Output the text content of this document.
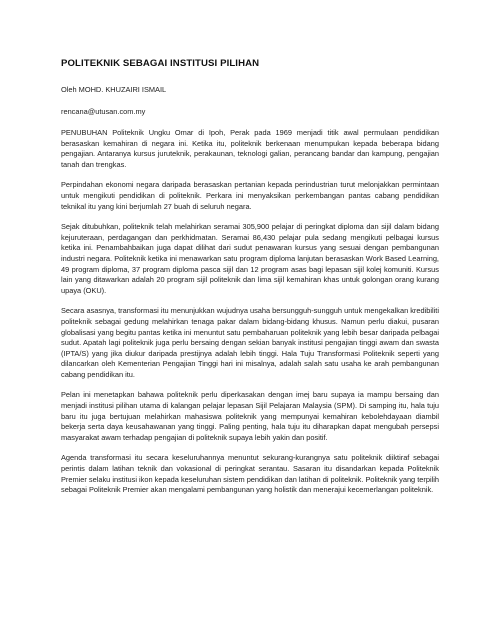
POLITEKNIK SEBAGAI INSTITUSI PILIHAN

Oleh MOHD. KHUZAIRI ISMAIL

rencana@utusan.com.my

PENUBUHAN Politeknik Ungku Omar di Ipoh, Perak pada 1969 menjadi titik awal permulaan pendidikan berasaskan kemahiran di negara ini. Ketika itu, politeknik berkenaan menumpukan kepada beberapa bidang pengajian. Antaranya kursus juruteknik, perakaunan, teknologi galian, perancang bandar dan kampung, pengajian tanah dan trengkas.

Perpindahan ekonomi negara daripada berasaskan pertanian kepada perindustrian turut melonjakkan permintaan untuk mengikuti pendidikan di politeknik. Perkara ini menyaksikan perkembangan pantas cabang pendidikan teknikal itu yang kini berjumlah 27 buah di seluruh negara.

Sejak ditubuhkan, politeknik telah melahirkan seramai 305,900 pelajar di peringkat diploma dan sijil dalam bidang kejuruteraan, perdagangan dan perkhidmatan. Seramai 86,430 pelajar pula sedang mengikuti pelbagai kursus ketika ini. Penambahbaikan juga dapat dilihat dari sudut penawaran kursus yang sesuai dengan pembangunan industri negara. Politeknik ketika ini menawarkan satu program diploma lanjutan berasaskan Work Based Learning, 49 program diploma, 37 program diploma pasca sijil dan 12 program asas bagi lepasan sijil kolej komuniti. Kursus lain yang ditawarkan adalah 20 program sijil politeknik dan lima sijil kemahiran khas untuk golongan orang kurang upaya (OKU).

Secara asasnya, transformasi itu menunjukkan wujudnya usaha bersungguh-sungguh untuk mengekalkan kredibiliti politeknik sebagai gedung melahirkan tenaga pakar dalam bidang-bidang khusus. Namun perlu diakui, pusaran globalisasi yang begitu pantas ketika ini menuntut satu pembaharuan politeknik yang lebih besar daripada pelbagai sudut. Apatah lagi politeknik juga perlu bersaing dengan sekian banyak institusi pengajian tinggi awam dan swasta (IPTA/S) yang jika diukur daripada prestijnya adalah lebih tinggi. Hala Tuju Transformasi Politeknik seperti yang dilancarkan oleh Kementerian Pengajian Tinggi hari ini misalnya, adalah salah satu usaha ke arah pembangunan cabang pendidikan itu.

Pelan ini menetapkan bahawa politeknik perlu diperkasakan dengan imej baru supaya ia mampu bersaing dan menjadi institusi pilihan utama di kalangan pelajar lepasan Sijil Pelajaran Malaysia (SPM). Di samping itu, hala tuju baru itu juga bertujuan melahirkan mahasiswa politeknik yang mempunyai kemahiran kebolehdayaan diambil bekerja serta daya keusahawanan yang tinggi. Paling penting, hala tuju itu diharapkan dapat mengubah persepsi masyarakat awam terhadap pengajian di politeknik supaya lebih yakin dan positif.

Agenda transformasi itu secara keseluruhannya menuntut sekurang-kurangnya satu politeknik diiktiraf sebagai perintis dalam latihan teknik dan vokasional di peringkat serantau. Sasaran itu disandarkan kepada Politeknik Premier selaku institusi ikon kepada keseluruhan sistem pendidikan dan latihan di politeknik. Politeknik yang terpilih sebagai Politeknik Premier akan mengalami pembangunan yang holistik dan menerajui kecemerlangan politeknik.
